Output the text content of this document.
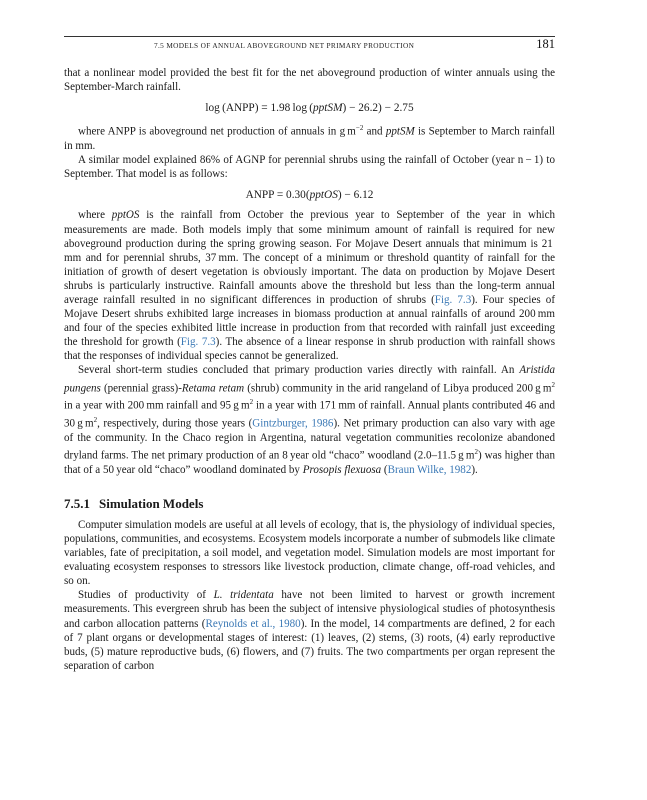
7.5 MODELS OF ANNUAL ABOVEGROUND NET PRIMARY PRODUCTION	181

that a nonlinear model provided the best fit for the net aboveground production of winter annuals using the September-March rainfall.

log (ANPP) = 1.98 log (pptSM) − 26.2) − 2.75

where ANPP is aboveground net production of annuals in g $m^{-2}$ and pptSM is September to March rainfall in mm.

A similar model explained 86% of AGNP for perennial shrubs using the rainfall of October (year n − 1) to September. That model is as follows:

ANPP = 0.30(pptOS) − 6.12

where pptOS is the rainfall from October the previous year to September of the year in which measurements are made. Both models imply that some minimum amount of rainfall is required for new aboveground production during the spring growing season. For Mojave Desert annuals that minimum is 21 mm and for perennial shrubs, 37 mm. The concept of a minimum or threshold quantity of rainfall for the initiation of growth of desert vegetation is obviously important. The data on production by Mojave Desert shrubs is particularly instructive. Rainfall amounts above the threshold but less than the long-term annual average rainfall resulted in no significant differences in production of shrubs (Fig. 7.3). Four species of Mojave Desert shrubs exhibited large increases in biomass production at annual rainfalls of around 200 mm and four of the species exhibited little increase in production from that recorded with rainfall just exceeding the threshold for growth (Fig. 7.3). The absence of a linear response in shrub production with rainfall shows that the responses of individual species cannot be generalized.

Several short-term studies concluded that primary production varies directly with rainfall. An Aristida pungens (perennial grass)-Retama retam (shrub) community in the arid rangeland of Libya produced 200 g $m^2$ in a year with 200 mm rainfall and 95 g $m^2$ in a year with 171 mm of rainfall. Annual plants contributed 46 and 30 g $m^2$, respectively, during those years (Gintzburger, 1986). Net primary production can also vary with age of the community. In the Chaco region in Argentina, natural vegetation communities recolonize abandoned dryland farms. The net primary production of an 8 year old “chaco” woodland (2.0–11.5 g $m^2$) was higher than that of a 50 year old “chaco” woodland dominated by Prosopis flexuosa (Braun Wilke, 1982).

7.5.1 Simulation Models

Computer simulation models are useful at all levels of ecology, that is, the physiology of individual species, populations, communities, and ecosystems. Ecosystem models incorporate a number of submodels like climate variables, fate of precipitation, a soil model, and vegetation model. Simulation models are most important for evaluating ecosystem responses to stressors like livestock production, climate change, off-road vehicles, and so on.

Studies of productivity of L. tridentata have not been limited to harvest or growth increment measurements. This evergreen shrub has been the subject of intensive physiological studies of photosynthesis and carbon allocation patterns (Reynolds et al., 1980). In the model, 14 compartments are defined, 2 for each of 7 plant organs or developmental stages of interest: (1) leaves, (2) stems, (3) roots, (4) early reproductive buds, (5) mature reproductive buds, (6) flowers, and (7) fruits. The two compartments per organ represent the separation of carbon
